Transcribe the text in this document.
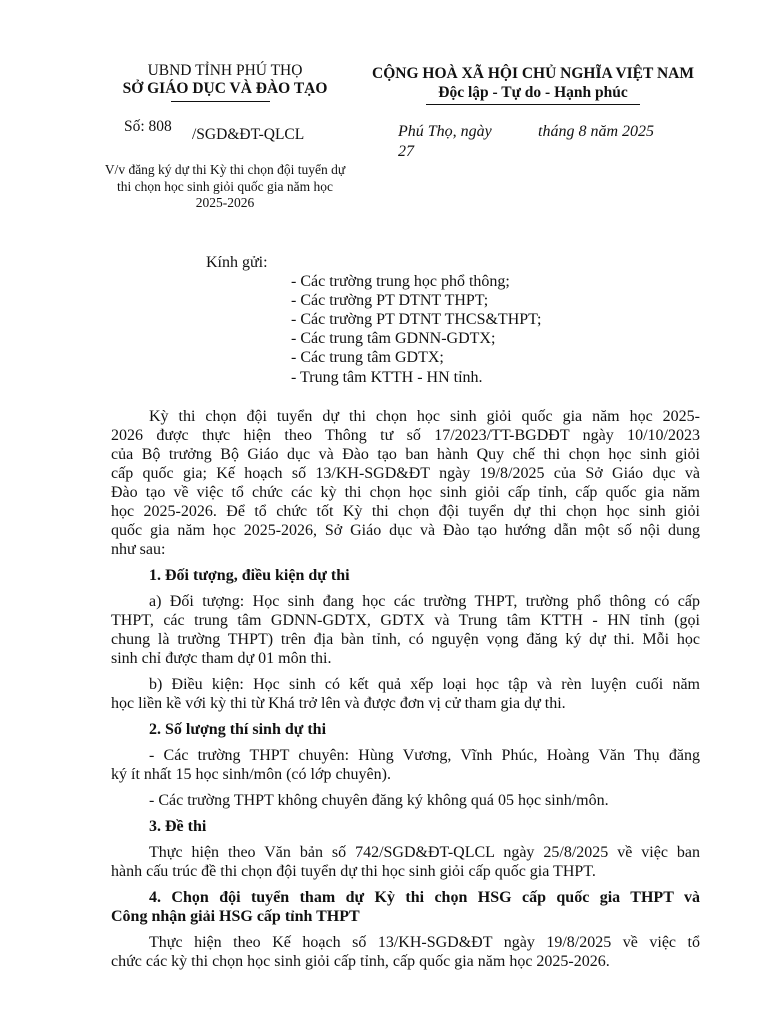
UBND TỈNH PHÚ THỌ
SỞ GIÁO DỤC VÀ ĐÀO TẠO
CỘNG HOÀ XÃ HỘI CHỦ NGHĨA VIỆT NAM
Độc lập - Tự do - Hạnh phúc
Số: 808 /SGD&ĐT-QLCL	Phú Thọ, ngày	tháng 8 năm 2025
27
V/v đăng ký dự thi Kỳ thi chọn đội tuyển dự thi chọn học sinh giỏi quốc gia năm học 2025-2026
Kính gửi:
- Các trường trung học phổ thông;
- Các trường PT DTNT THPT;
- Các trường PT DTNT THCS&THPT;
- Các trung tâm GDNN-GDTX;
- Các trung tâm GDTX;
- Trung tâm KTTH - HN tỉnh.
Kỳ thi chọn đội tuyển dự thi chọn học sinh giỏi quốc gia năm học 2025-
2026 được thực hiện theo Thông tư số 17/2023/TT-BGDĐT ngày 10/10/2023
của Bộ trưởng Bộ Giáo dục và Đào tạo ban hành Quy chế thi chọn học sinh giỏi
cấp quốc gia; Kế hoạch số 13/KH-SGD&ĐT ngày 19/8/2025 của Sở Giáo dục và
Đào tạo về việc tổ chức các kỳ thi chọn học sinh giỏi cấp tỉnh, cấp quốc gia năm
học 2025-2026. Để tổ chức tốt Kỳ thi chọn đội tuyển dự thi chọn học sinh giỏi
quốc gia năm học 2025-2026, Sở Giáo dục và Đào tạo hướng dẫn một số nội dung
như sau:
1. Đối tượng, điều kiện dự thi
a) Đối tượng: Học sinh đang học các trường THPT, trường phổ thông có cấp
THPT, các trung tâm GDNN-GDTX, GDTX và Trung tâm KTTH - HN tỉnh (gọi
chung là trường THPT) trên địa bàn tỉnh, có nguyện vọng đăng ký dự thi. Mỗi học
sinh chỉ được tham dự 01 môn thi.
b) Điều kiện: Học sinh có kết quả xếp loại học tập và rèn luyện cuối năm
học liền kề với kỳ thi từ Khá trở lên và được đơn vị cử tham gia dự thi.
2. Số lượng thí sinh dự thi
- Các trường THPT chuyên: Hùng Vương, Vĩnh Phúc, Hoàng Văn Thụ đăng
ký ít nhất 15 học sinh/môn (có lớp chuyên).
- Các trường THPT không chuyên đăng ký không quá 05 học sinh/môn.
3. Đề thi
Thực hiện theo Văn bản số 742/SGD&ĐT-QLCL ngày 25/8/2025 về việc ban
hành cấu trúc đề thi chọn đội tuyển dự thi học sinh giỏi cấp quốc gia THPT.
4. Chọn đội tuyển tham dự Kỳ thi chọn HSG cấp quốc gia THPT và
Công nhận giải HSG cấp tỉnh THPT
Thực hiện theo Kế hoạch số 13/KH-SGD&ĐT ngày 19/8/2025 về việc tổ
chức các kỳ thi chọn học sinh giỏi cấp tỉnh, cấp quốc gia năm học 2025-2026.
